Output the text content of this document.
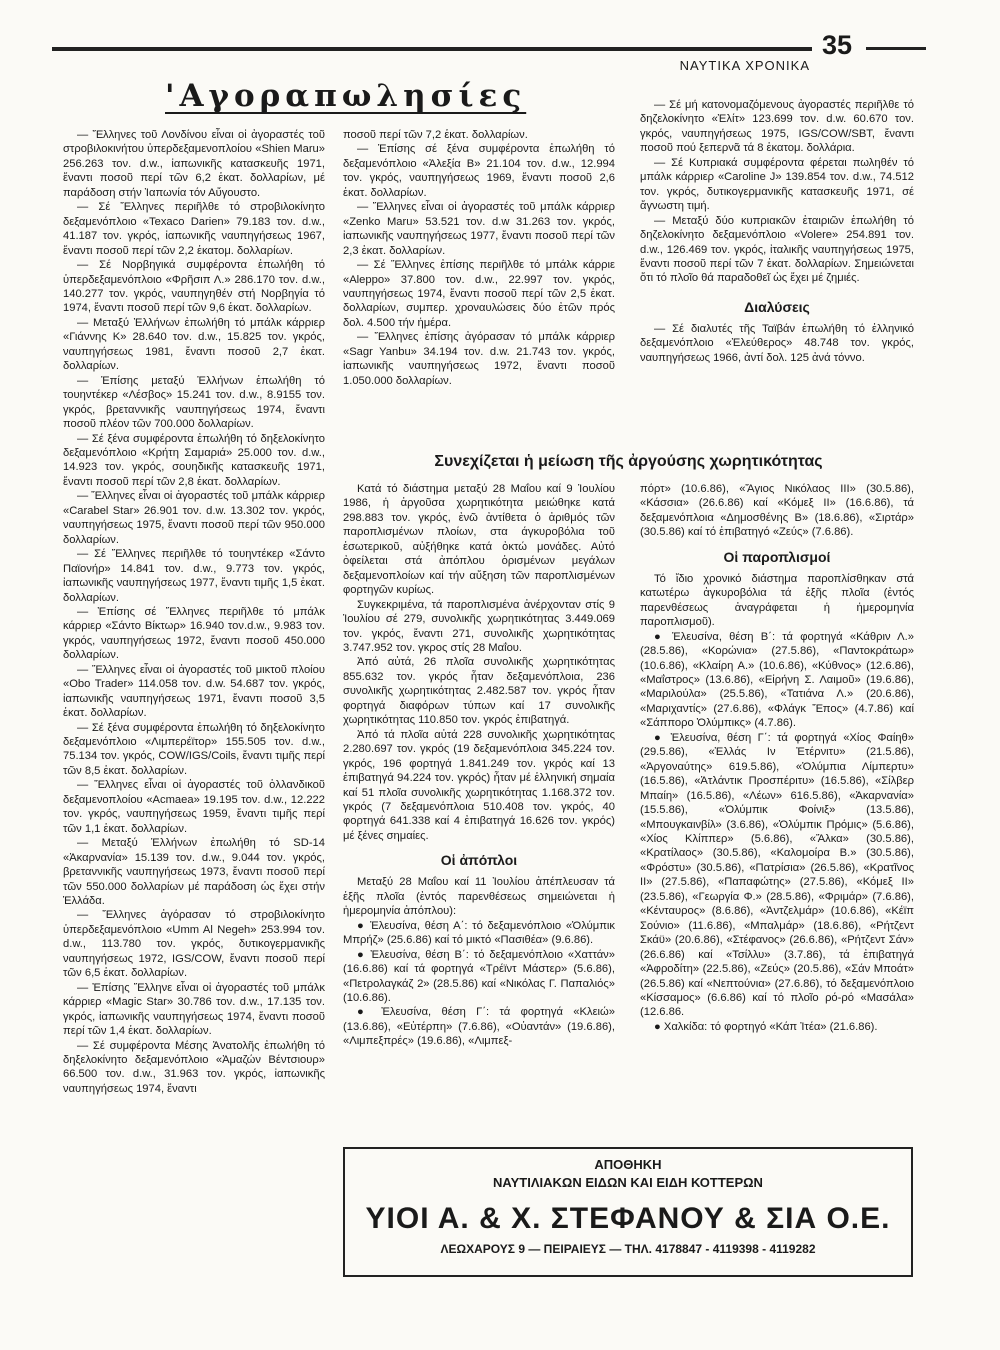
ΝΑΥΤΙΚΑ ΧΡΟΝΙΚΑ
35
'Αγοραπωλησίες

— Ἕλληνες τοῦ Λονδίνου εἶναι οἱ ἀγοραστές τοῦ στροβιλοκινήτου ὑπερδεξαμενοπλοίου «Shien Maru» 256.263 τον. d.w., ἰαπωνικῆς κατασκευῆς 1971, ἔναντι ποσοῦ περί τῶν 6,2 ἑκατ. δολλαρίων, μέ παράδοση στήν Ἰαπωνία τόν Αὔγουστο.

— Σέ Ἕλληνες περιῆλθε τό στροβιλοκίνητο δεξαμενόπλοιο «Texaco Darien» 79.183 τον. d.w., 41.187 τον. γκρός, ἰαπωνικῆς ναυπηγήσεως 1967, ἔναντι ποσοῦ περί τῶν 2,2 ἑκατομ. δολλαρίων.

— Σέ Νορβηγικά συμφέροντα ἐπωλήθη τό ὑπερδεξαμενόπλοιο «Φρῆσιπ Λ.» 286.170 τον. d.w., 140.277 τον. γκρός, ναυπηγηθέν στή Νορβηγία τό 1974, ἔναντι ποσοῦ περί τῶν 9,6 ἑκατ. δολλαρίων.

— Μεταξύ Ἑλλήνων ἐπωλήθη τό μπάλκ κάρριερ «Γιάννης Κ» 28.640 τον. d.w., 15.825 τον. γκρός, ναυπηγήσεως 1981, ἔναντι ποσοῦ 2,7 ἑκατ. δολλαρίων.

— Ἐπίσης μεταξύ Ἑλλήνων ἐπωλήθη τό τουηντέκερ «Λέσβος» 15.241 τον. d.w., 8.9155 τον. γκρός, βρεταννικῆς ναυπηγήσεως 1974, ἔναντι ποσοῦ πλέον τῶν 700.000 δολλαρίων.

— Σέ ξένα συμφέροντα ἐπωλήθη τό δηξελοκίνητο δεξαμενόπλοιο «Κρήτη Σαμαριά» 25.000 τον. d.w., 14.923 τον. γκρός, σουηδικῆς κατασκευῆς 1971, ἔναντι ποσοῦ περί τῶν 2,8 ἑκατ. δολλαρίων.

— Ἕλληνες εἶναι οἱ ἀγοραστές τοῦ μπάλκ κάρριερ «Carabel Star» 26.901 τον. d.w. 13.302 τον. γκρός, ναυπηγήσεως 1975, ἔναντι ποσοῦ περί τῶν 950.000 δολλαρίων.

— Σέ Ἕλληνες περιῆλθε τό τουηντέκερ «Σάντο Παϊονήρ» 14.841 τον. d.w., 9.773 τον. γκρός, ἰαπωνικῆς ναυπηγήσεως 1977, ἔναντι τιμῆς 1,5 ἑκατ. δολλαρίων.

— Ἐπίσης σέ Ἕλληνες περιῆλθε τό μπάλκ κάρριερ «Σάντο Βίκτωρ» 16.940 τον.d.w., 9.983 τον. γκρός, ναυπηγήσεως 1972, ἔναντι ποσοῦ 450.000 δολλαρίων.

— Ἕλληνες εἶναι οἱ ἀγοραστές τοῦ μικτοῦ πλοίου «Obo Trader» 114.058 τον. d.w. 54.687 τον. γκρός, ἰαπωνικῆς ναυπηγήσεως 1971, ἔναντι ποσοῦ 3,5 ἑκατ. δολλαρίων.

— Σέ ξένα συμφέροντα ἐπωλήθη τό δηξελοκίνητο δεξαμενόπλοιο «Λιμπερέϊτορ» 155.505 τον. d.w., 75.134 τον. γκρός, COW/IGS/Coils, ἔναντι τιμῆς περί τῶν 8,5 ἑκατ. δολλαρίων.

— Ἕλληνες εἶναι οἱ ἀγοραστές τοῦ ὁλλανδικοῦ δεξαμενοπλοίου «Acmaea» 19.195 τον. d.w., 12.222 τον. γκρός, ναυπηγήσεως 1959, ἔναντι τιμῆς περί τῶν 1,1 ἑκατ. δολλαρίων.

— Μεταξύ Ἑλλήνων ἐπωλήθη τό SD-14 «Ἀκαρνανία» 15.139 τον. d.w., 9.044 τον. γκρός, βρεταννικῆς ναυπηγήσεως 1973, ἔναντι ποσοῦ περί τῶν 550.000 δολλαρίων μέ παράδοση ὡς ἔχει στήν Ἑλλάδα.

— Ἕλληνες ἀγόρασαν τό στροβιλοκίνητο ὑπερδεξαμενόπλοιο «Umm Al Negeh» 253.994 τον. d.w., 113.780 τον. γκρός, δυτικογερμανικῆς ναυπηγήσεως 1972, IGS/COW, ἔναντι ποσοῦ περί τῶν 6,5 ἑκατ. δολλαρίων.

— Ἐπίσης Ἕλληνε εἶναι οἱ ἀγοραστές τοῦ μπάλκ κάρριερ «Magic Star» 30.786 τον. d.w., 17.135 τον. γκρός, ἰαπωνικῆς ναυπηγήσεως 1974, ἔναντι ποσοῦ περί τῶν 1,4 ἑκατ. δολλαρίων.

— Σέ συμφέροντα Μέσης Ἀνατολῆς ἐπωλήθη τό δηξελοκίνητο δεξαμενόπλοιο «Ἀμαζών Βέντσιουρ» 66.500 τον. d.w., 31.963 τον. γκρός, ἰαπωνικῆς ναυπηγήσεως 1974, ἔναντι

ποσοῦ περί τῶν 7,2 ἑκατ. δολλαρίων.

— Ἐπίσης σέ ξένα συμφέροντα ἐπωλήθη τό δεξαμενόπλοιο «Ἀλεξία Β» 21.104 τον. d.w., 12.994 τον. γκρός, ναυπηγήσεως 1969, ἔναντι ποσοῦ 2,6 ἑκατ. δολλαρίων.

— Ἕλληνες εἶναι οἱ ἀγοραστές τοῦ μπάλκ κάρριερ «Zenko Maru» 53.521 τον. d.w 31.263 τον. γκρός, ἰαπωνικῆς ναυπηγήσεως 1977, ἔναντι ποσοῦ περί τῶν 2,3 ἑκατ. δολλαρίων.

— Σέ Ἕλληνες ἐπίσης περιῆλθε τό μπάλκ κάρριε «Aleppo» 37.800 τον. d.w., 22.997 τον. γκρός, ναυπηγήσεως 1974, ἔναντι ποσοῦ περί τῶν 2,5 ἑκατ. δολλαρίων, συμπερ. χροναυλώσεις δύο ἐτῶν πρός δολ. 4.500 τήν ἡμέρα.

— Ἕλληνες ἐπίσης ἀγόρασαν τό μπάλκ κάρριερ «Sagr Yanbu» 34.194 τον. d.w. 21.743 τον. γκρός, ἰαπωνικῆς ναυπηγήσεως 1972, ἔναντι ποσοῦ 1.050.000 δολλαρίων.

— Σέ μή κατονομαζόμενους ἀγοραστές περιῆλθε τό δηζελοκίνητο «Ἐλίτ» 123.699 τον. d.w. 60.670 τον. γκρός, ναυπηγήσεως 1975, IGS/COW/SBT, ἔναντι ποσοῦ πού ξεπερνᾶ τά 8 ἑκατομ. δολλάρια.

— Σέ Κυπριακά συμφέροντα φέρεται πωληθέν τό μπάλκ κάρριερ «Caroline J» 139.854 τον. d.w., 74.512 τον. γκρός, δυτικογερμανικῆς κατασκευῆς 1971, σέ ἄγνωστη τιμή.

— Μεταξύ δύο κυπριακῶν ἑταιριῶν ἐπωλήθη τό δηζελοκίνητο δεξαμενόπλοιο «Volere» 254.891 τον. d.w., 126.469 τον. γκρός, ἰταλικῆς ναυπηγήσεως 1975, ἔναντι ποσοῦ περί τῶν 7 ἑκατ. δολλαρίων. Σημειώνεται ὅτι τό πλοῖο θά παραδοθεῖ ὡς ἔχει μέ ζημιές.

Διαλύσεις

— Σέ διαλυτές τῆς Ταϊβάν ἐπωλήθη τό ἑλληνικό δεξαμενόπλοιο «Ἐλεύθερος» 48.748 τον. γκρός, ναυπηγήσεως 1966, ἀντί δολ. 125 ἀνά τόννο.

Συνεχίζεται ἡ μείωση τῆς ἀργούσης χωρητικότητας

Κατά τό διάστημα μεταξύ 28 Μαΐου καί 9 Ἰουλίου 1986, ἡ ἀργοῦσα χωρητικότητα μειώθηκε κατά 298.883 τον. γκρός, ἐνῶ ἀντίθετα ὁ ἀριθμός τῶν παροπλισμένων πλοίων, στα άγκυροβόλια τοῦ ἐσωτερικοῦ, αὐξήθηκε κατά ὀκτώ μονάδες. Αὐτό ὀφείλεται στά ἀπόπλου ὁρισμένων μεγάλων δεξαμενοπλοίων καί τήν αὔξηση τῶν παροπλισμένων φορτηγῶν κυρίως.

Συγκεκριμένα, τά παροπλισμένα ἀνέρχονταν στίς 9 Ἰουλίου σέ 279, συνολικῆς χωρητικότητας 3.449.069 τον. γκρός, ἔναντι 271, συνολικῆς χωρητικότητας 3.747.952 τον. γκρος στίς 28 Μαΐου.

Ἀπό αὐτά, 26 πλοῖα συνολικῆς χωρητικότητας 855.632 τον. γκρός ἦταν δεξαμενόπλοια, 236 συνολικῆς χωρητικότητας 2.482.587 τον. γκρός ἦταν φορτηγά διαφόρων τύπων καί 17 συνολικῆς χωρητικότητας 110.850 τον. γκρός ἐπιβατηγά.

Ἀπό τά πλοῖα αὐτά 228 συνολικῆς χωρητικότητας 2.280.697 τον. γκρός (19 δεξαμενόπλοια 345.224 τον. γκρός, 196 φορτηγά 1.841.249 τον. γκρός καί 13 ἐπιβατηγά 94.224 τον. γκρός) ἦταν μέ ἑλληνική σημαία καί 51 πλοῖα συνολικῆς χωρητικότητας 1.168.372 τον. γκρός (7 δεξαμενόπλοια 510.408 τον. γκρός, 40 φορτηγά 641.338 καί 4 ἐπιβατηγά 16.626 τον. γκρός) μέ ξένες σημαίες.

Οἱ ἀπόπλοι

Μεταξύ 28 Μαΐου καί 11 Ἰουλίου ἀπέπλευσαν τά ἑξῆς πλοῖα (ἐντός παρενθέσεως σημειώνεται ἡ ἡμερομηνία ἀπόπλου):

● Ἐλευσίνα, θέση Α΄: τό δεξαμενόπλοιο «Ὀλύμπικ Μπρήζ» (25.6.86) καί τό μικτό «Πασιθέα» (9.6.86).

● Ἐλευσίνα, θέση Β΄: τό δεξαμενόπλοιο «Χαττάν» (16.6.86) καί τά φορτηγά «Τρέϊντ Μάστερ» (5.6.86), «Πετρολαγκάζ 2» (28.5.86) καί «Νικόλας Γ. Παπαλιός» (10.6.86).

● Ἐλευσίνα, θέση Γ΄: τά φορτηγά «Κλειώ» (13.6.86), «Εὐτέρπη» (7.6.86), «Οὐαντάν» (19.6.86), «Λιμπεξπρές» (19.6.86), «Λιμπεξ-

πόρτ» (10.6.86), «Ἅγιος Νικόλαος ΙΙΙ» (30.5.86), «Κάσσια» (26.6.86) καί «Κόμεξ ΙΙ» (16.6.86), τά δεξαμενόπλοια «Δημοσθένης Β» (18.6.86), «Σιρτάρ» (30.5.86) καί τό ἐπιβατηγό «Ζεύς» (7.6.86).

Οἱ παροπλισμοί

Τό ἴδιο χρονικό διάστημα παροπλίσθηκαν στά κατωτέρω ἀγκυροβόλια τά ἑξῆς πλοῖα (ἐντός παρενθέσεως ἀναγράφεται ἡ ἡμερομηνία παροπλισμοῦ).

● Ἐλευσίνα, θέση Β΄: τά φορτηγά «Κάθριν Λ.» (28.5.86), «Κορώνια» (27.5.86), «Παντοκράτωρ» (10.6.86), «Κλαίρη Α.» (10.6.86), «Κύθνος» (12.6.86), «Μαΐστρος» (13.6.86), «Εἰρήνη Σ. Λαιμοῦ» (19.6.86), «Μαριλούλα» (25.5.86), «Τατιάνα Λ.» (20.6.86), «Μαριχαντίς» (27.6.86), «Φλάγκ Ἔπος» (4.7.86) καί «Σάππορο Ὀλύμπικς» (4.7.86).

● Ἐλευσίνα, θέση Γ΄: τά φορτηγά «Χίος Φαίηθ» (29.5.86), «Ἑλλάς Ιν Ἐτέρνιτυ» (21.5.86), «Ἀργοναύτης» 619.5.86), «Ὀλύμπια Λίμπερτυ» (16.5.86), «Ἀτλάντικ Προσπέριτυ» (16.5.86), «Σίλβερ Μπαίη» (16.5.86), «Λέων» 616.5.86), «Ἀκαρνανία» (15.5.86), «Ὀλύμπικ Φοίνιξ» (13.5.86), «Μπουγκαινβίλ» (3.6.86), «Ὀλύμπικ Πρόμις» (5.6.86), «Χίος Κλίππερ» (5.6.86), «Ἄλκα» (30.5.86), «Κρατίλαος» (30.5.86), «Καλομοίρα Β.» (30.5.86), «Φρόστυ» (30.5.86), «Πατρίσια» (26.5.86), «Κρατῖνος ΙΙ» (27.5.86), «Παπαφώτης» (27.5.86), «Κόμεξ ΙΙ» (23.5.86), «Γεωργία Φ.» (28.5.86), «Φριμάρ» (7.6.86), «Κένταυρος» (8.6.86), «Ἀντζελμάρ» (10.6.86), «Κέϊπ Σούνιο» (11.6.86), «Μπαλμάρ» (18.6.86), «Ρήτζεντ Σκάϋ» (20.6.86), «Στέφανος» (26.6.86), «Ρήτζεντ Σάν» (26.6.86) καί «Τσίλλυ» (3.7.86), τά ἐπιβατηγά «Ἀφροδίτη» (22.5.86), «Ζεύς» (20.5.86), «Σάν Μποάτ» (26.5.86) καί «Νεπτούνια» (27.6.86), τό δεξαμενόπλοιο «Κίσσαμος» (6.6.86) καί τό πλοῖο ρό-ρό «Μασάλα» (12.6.86.

● Χαλκίδα: τό φορτηγό «Κάπ Ἰτέα» (21.6.86).

ΑΠΟΘΗΚΗ
ΝΑΥΤΙΛΙΑΚΩΝ ΕΙΔΩΝ ΚΑΙ ΕΙΔΗ ΚΟΤΤΕΡΩΝ
ΥΙΟΙ Α. & Χ. ΣΤΕΦΑΝΟΥ & ΣΙΑ Ο.Ε.
ΛΕΩΧΑΡΟΥΣ 9 — ΠΕΙΡΑΙΕΥΣ — ΤΗΛ. 4178847 - 4119398 - 4119282
